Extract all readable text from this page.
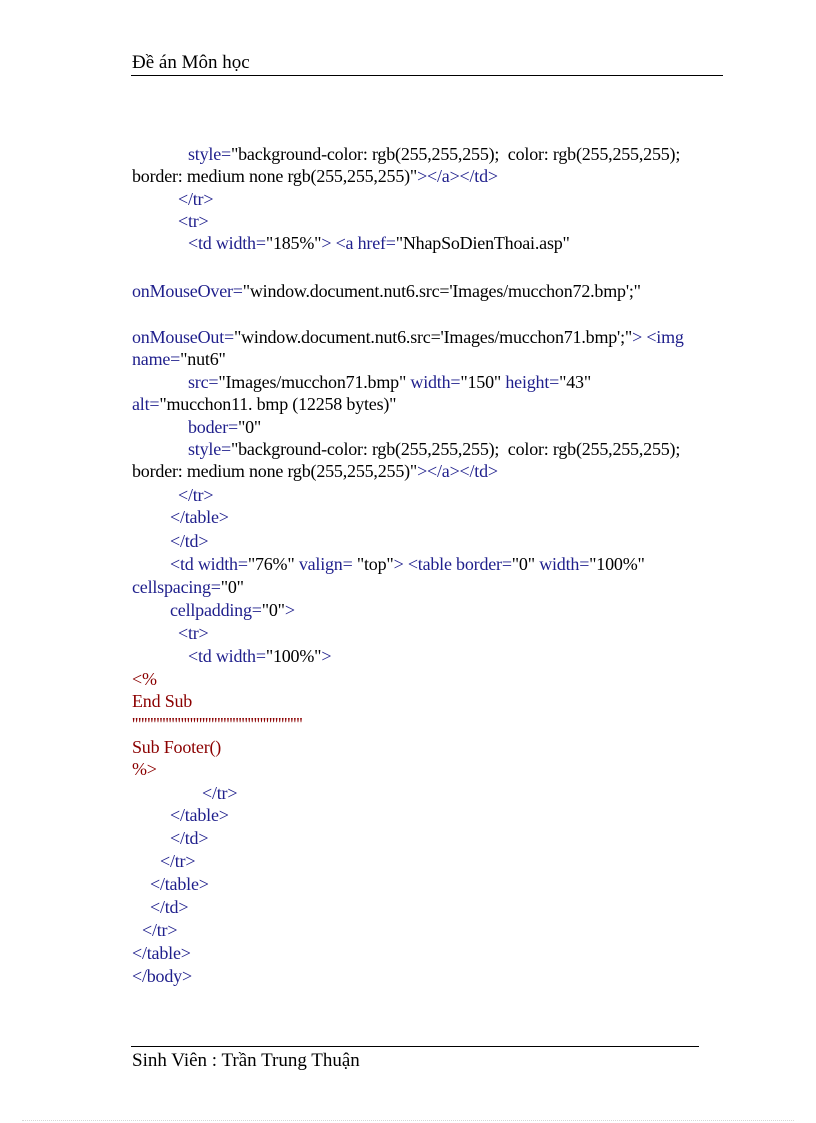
Đề án Môn học
style="background-color: rgb(255,255,255);  color: rgb(255,255,255);
border: medium none rgb(255,255,255)"></a></td>
</tr>
<tr>
<td width="185%"> <a href="NhapSoDienThoai.asp"
onMouseOver="window.document.nut6.src='Images/mucchon72.bmp';"
onMouseOut="window.document.nut6.src='Images/mucchon71.bmp';"> <img
name="nut6"
src="Images/mucchon71.bmp" width="150" height="43"
alt="mucchon11. bmp (12258 bytes)"
boder="0"
style="background-color: rgb(255,255,255);  color: rgb(255,255,255);
border: medium none rgb(255,255,255)"></a></td>
</tr>
</table>
</td>
<td width="76%" valign= "top"> <table border="0" width="100%"
cellspacing="0"
cellpadding="0">
<tr>
<td width="100%">
<%
End Sub
''''''''''''''''''''''''''''''''''''''''''''''''''''''''
Sub Footer()
%>
</tr>
</table>
</td>
</tr>
</table>
</td>
</tr>
</table>
</body>
Sinh Viên : Trần Trung Thuận
